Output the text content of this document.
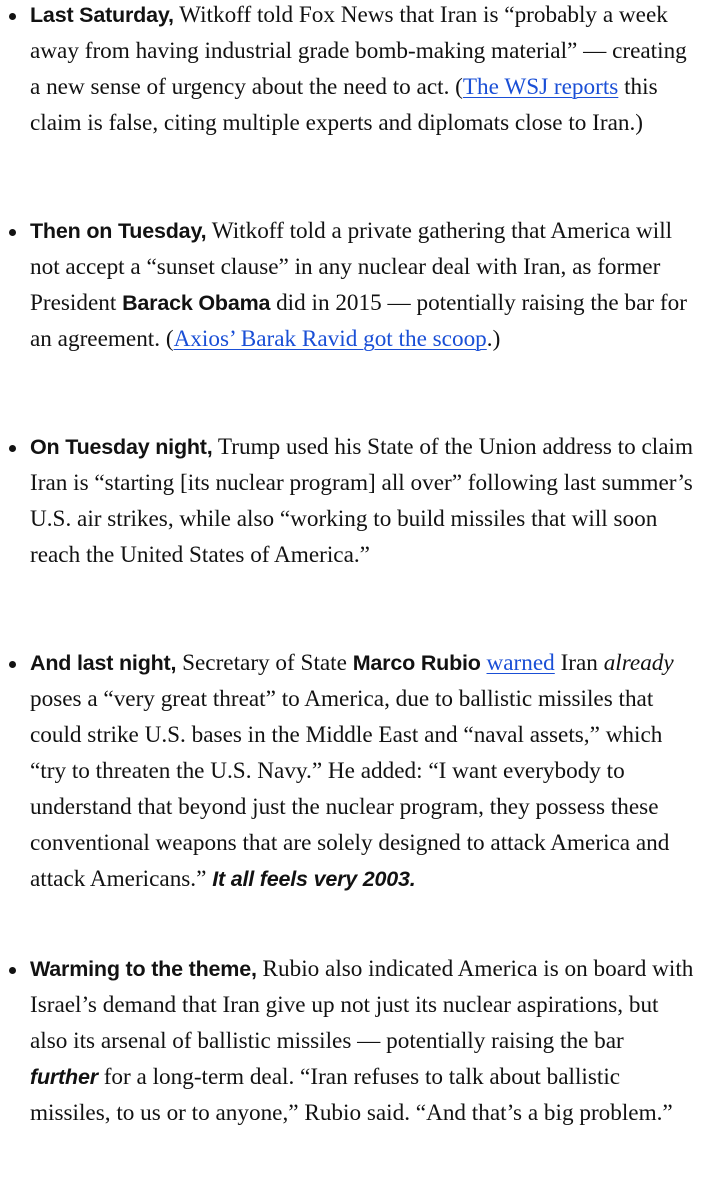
Last Saturday, Witkoff told Fox News that Iran is “probably a week away from having industrial grade bomb-making material” — creating a new sense of urgency about the need to act. (The WSJ reports this claim is false, citing multiple experts and diplomats close to Iran.)
Then on Tuesday, Witkoff told a private gathering that America will not accept a “sunset clause” in any nuclear deal with Iran, as former President Barack Obama did in 2015 — potentially raising the bar for an agreement. (Axios’ Barak Ravid got the scoop.)
On Tuesday night, Trump used his State of the Union address to claim Iran is “starting [its nuclear program] all over” following last summer’s U.S. air strikes, while also “working to build missiles that will soon reach the United States of America.”
And last night, Secretary of State Marco Rubio warned Iran already poses a “very great threat” to America, due to ballistic missiles that could strike U.S. bases in the Middle East and “naval assets,” which “try to threaten the U.S. Navy.” He added: “I want everybody to understand that beyond just the nuclear program, they possess these conventional weapons that are solely designed to attack America and attack Americans.” It all feels very 2003.
Warming to the theme, Rubio also indicated America is on board with Israel’s demand that Iran give up not just its nuclear aspirations, but also its arsenal of ballistic missiles — potentially raising the bar further for a long-term deal. “Iran refuses to talk about ballistic missiles, to us or to anyone,” Rubio said. “And that’s a big problem.”
